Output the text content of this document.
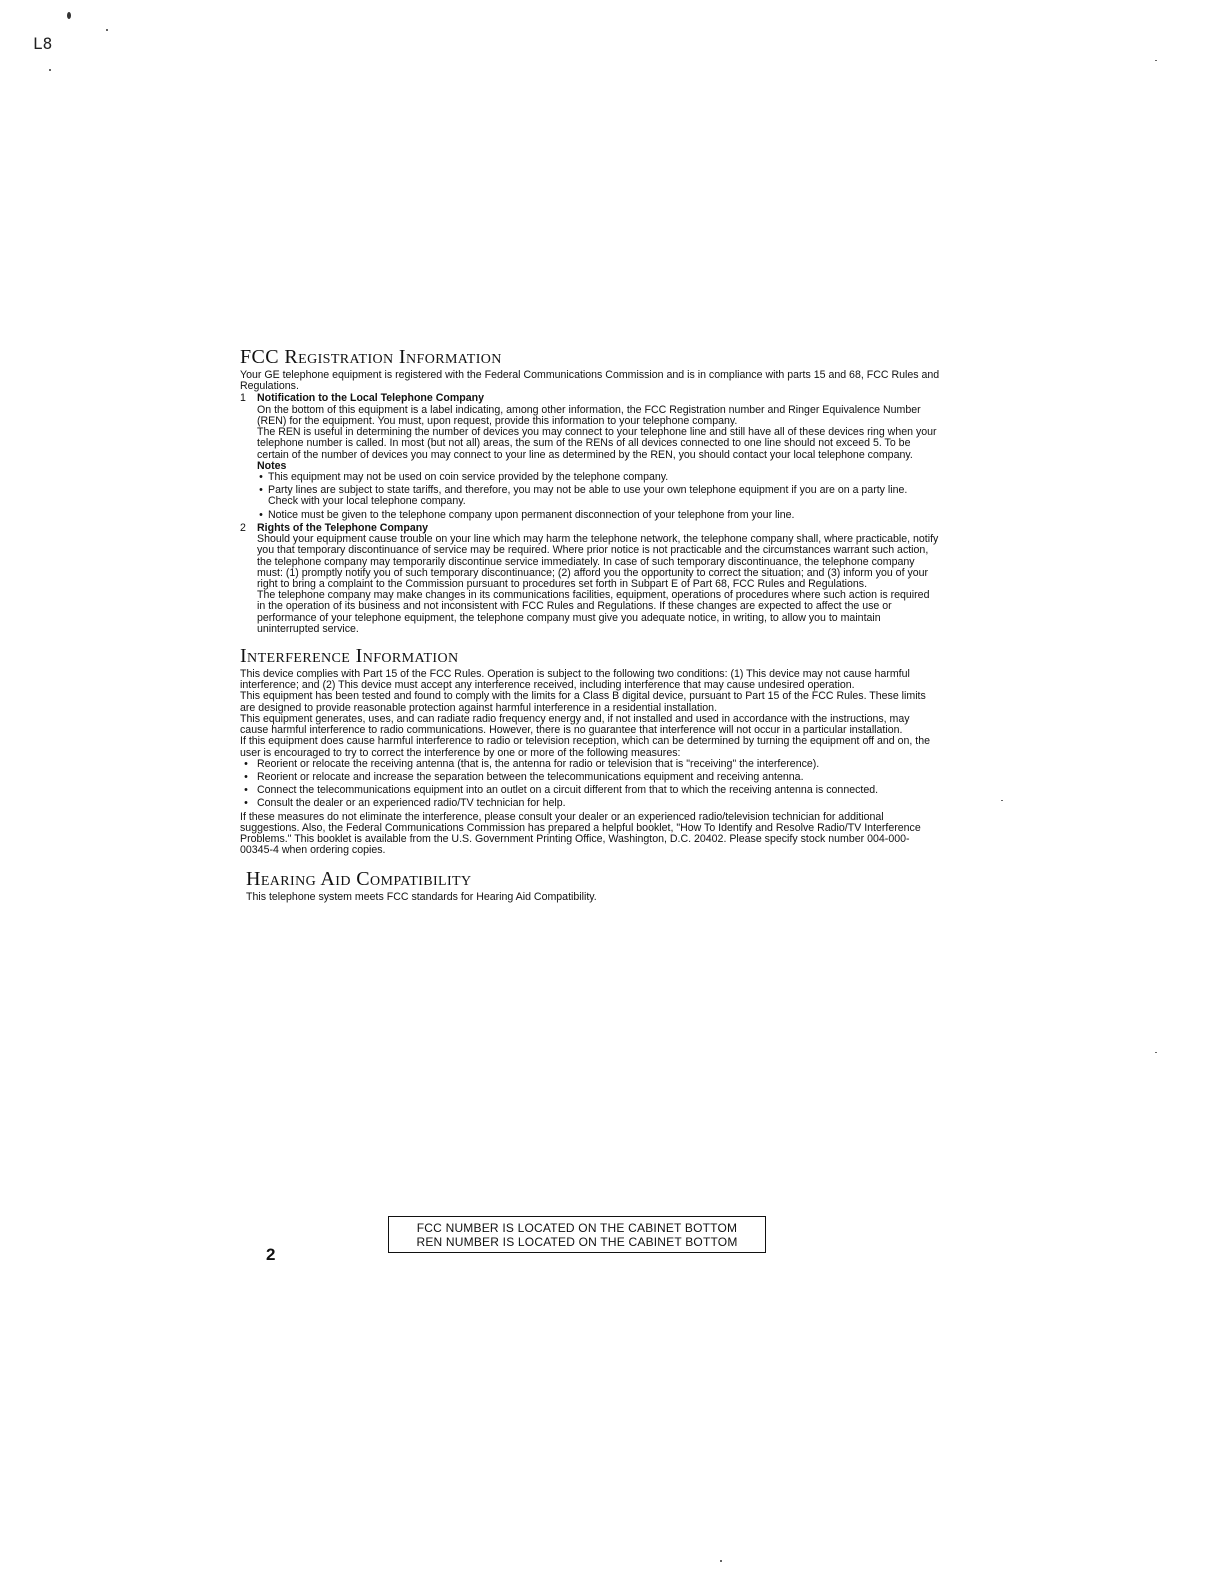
L8
FCC Registration Information

Your GE telephone equipment is registered with the Federal Communications Commission and is in compliance with parts 15 and 68, FCC Rules and Regulations.

1 Notification to the Local Telephone Company

On the bottom of this equipment is a label indicating, among other information, the FCC Registration number and Ringer Equivalence Number (REN) for the equipment. You must, upon request, provide this information to your telephone company.

The REN is useful in determining the number of devices you may connect to your telephone line and still have all of these devices ring when your telephone number is called. In most (but not all) areas, the sum of the RENs of all devices connected to one line should not exceed 5. To be certain of the number of devices you may connect to your line as determined by the REN, you should contact your local telephone company.

Notes
• This equipment may not be used on coin service provided by the telephone company.
• Party lines are subject to state tariffs, and therefore, you may not be able to use your own telephone equipment if you are on a party line. Check with your local telephone company.
• Notice must be given to the telephone company upon permanent disconnection of your telephone from your line.
2 Rights of the Telephone Company

Should your equipment cause trouble on your line which may harm the telephone network, the telephone company shall, where practicable, notify you that temporary discontinuance of service may be required. Where prior notice is not practicable and the circumstances warrant such action, the telephone company may temporarily discontinue service immediately. In case of such temporary discontinuance, the telephone company must: (1) promptly notify you of such temporary discontinuance; (2) afford you the opportunity to correct the situation; and (3) inform you of your right to bring a complaint to the Commission pursuant to procedures set forth in Subpart E of Part 68, FCC Rules and Regulations.

The telephone company may make changes in its communications facilities, equipment, operations of procedures where such action is required in the operation of its business and not inconsistent with FCC Rules and Regulations. If these changes are expected to affect the use or performance of your telephone equipment, the telephone company must give you adequate notice, in writing, to allow you to maintain uninterrupted service.

Interference Information

This device complies with Part 15 of the FCC Rules. Operation is subject to the following two conditions: (1) This device may not cause harmful interference; and (2) This device must accept any interference received, including interference that may cause undesired operation.

This equipment has been tested and found to comply with the limits for a Class B digital device, pursuant to Part 15 of the FCC Rules. These limits are designed to provide reasonable protection against harmful interference in a residential installation.

This equipment generates, uses, and can radiate radio frequency energy and, if not installed and used in accordance with the instructions, may cause harmful interference to radio communications. However, there is no guarantee that interference will not occur in a particular installation.

If this equipment does cause harmful interference to radio or television reception, which can be determined by turning the equipment off and on, the user is encouraged to try to correct the interference by one or more of the following measures:

• Reorient or relocate the receiving antenna (that is, the antenna for radio or television that is "receiving" the interference).
• Reorient or relocate and increase the separation between the telecommunications equipment and receiving antenna.
• Connect the telecommunications equipment into an outlet on a circuit different from that to which the receiving antenna is connected.
• Consult the dealer or an experienced radio/TV technician for help.

If these measures do not eliminate the interference, please consult your dealer or an experienced radio/television technician for additional suggestions. Also, the Federal Communications Commission has prepared a helpful booklet, "How To Identify and Resolve Radio/TV Interference Problems." This booklet is available from the U.S. Government Printing Office, Washington, D.C. 20402. Please specify stock number 004-000-00345-4 when ordering copies.

Hearing Aid Compatibility

This telephone system meets FCC standards for Hearing Aid Compatibility.

FCC NUMBER IS LOCATED ON THE CABINET BOTTOM
REN NUMBER IS LOCATED ON THE CABINET BOTTOM
2
